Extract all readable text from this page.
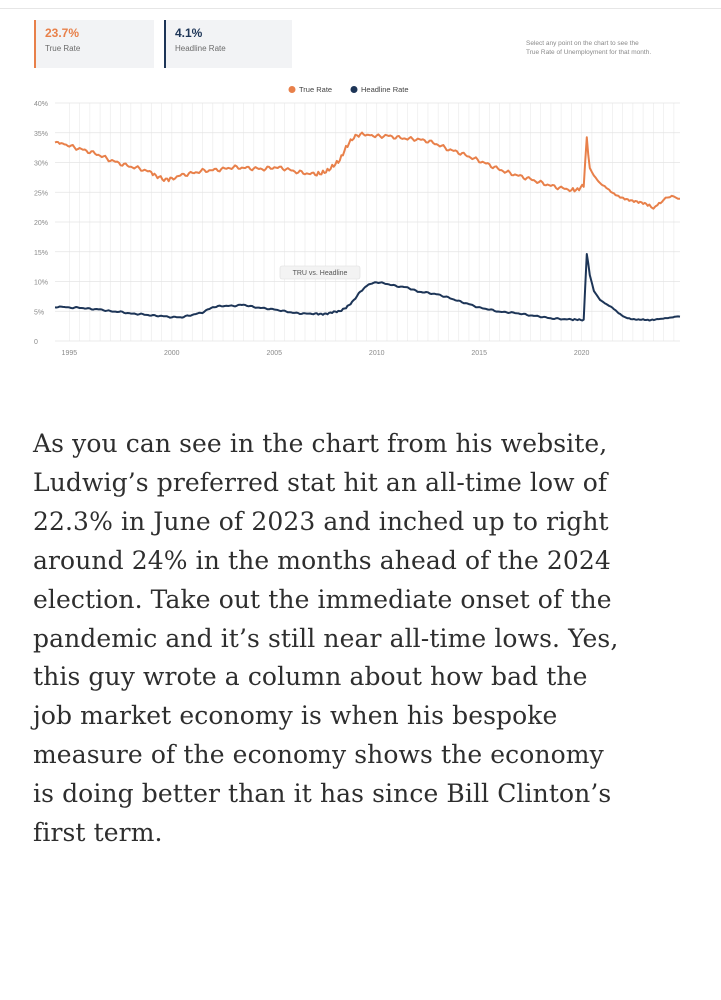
23.7%
True Rate
4.1%
Headline Rate
Select any point on the chart to see the
True Rate of Unemployment for that month.
0
5%
10%
15%
20%
25%
30%
35%
40%
1995	2000	2005	2010	2015	2020
True Rate	Headline Rate
TRU vs. Headline
As you can see in the chart from his website,
Ludwig’s preferred stat hit an all-time low of
22.3% in June of 2023 and inched up to right
around 24% in the months ahead of the 2024
election. Take out the immediate onset of the
pandemic and it’s still near all-time lows. Yes,
this guy wrote a column about how bad the
job market economy is when his bespoke
measure of the economy shows the economy
is doing better than it has since Bill Clinton’s
first term.
